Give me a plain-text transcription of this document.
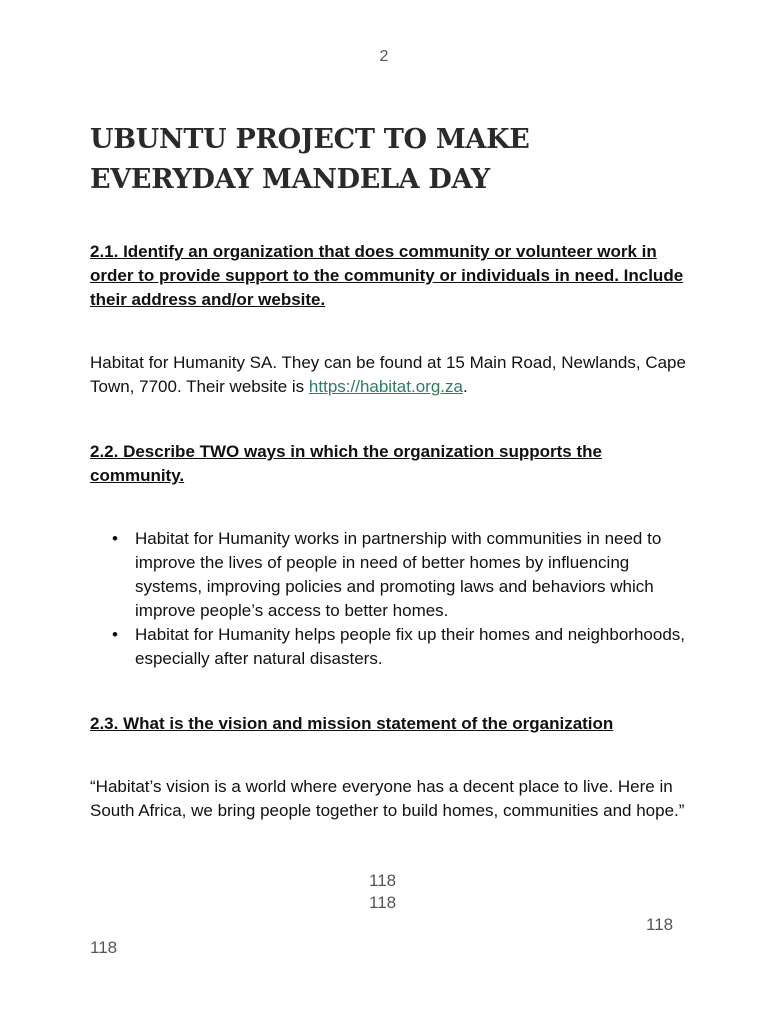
2
UBUNTU PROJECT TO MAKE EVERYDAY MANDELA DAY

2.1. Identify an organization that does community or volunteer work in order to provide support to the community or individuals in need. Include their address and/or website.

Habitat for Humanity SA. They can be found at 15 Main Road, Newlands, Cape Town, 7700. Their website is https://habitat.org.za.

2.2. Describe TWO ways in which the organization supports the community.

• Habitat for Humanity works in partnership with communities in need to improve the lives of people in need of better homes by influencing systems, improving policies and promoting laws and behaviors which improve people’s access to better homes.
• Habitat for Humanity helps people fix up their homes and neighborhoods, especially after natural disasters.

2.3. What is the vision and mission statement of the organization

“Habitat’s vision is a world where everyone has a decent place to live. Here in South Africa, we bring people together to build homes, communities and hope.”

118
118
118
118
